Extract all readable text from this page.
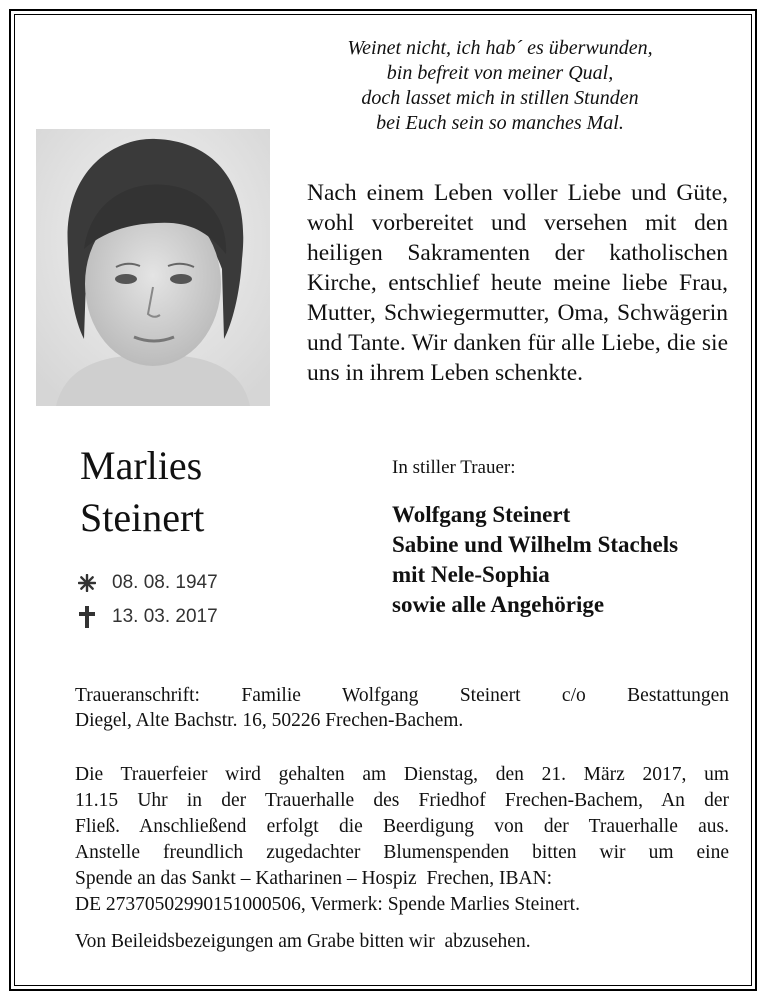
Weinet nicht, ich hab´ es überwunden,
bin befreit von meiner Qual,
doch lasset mich in stillen Stunden
bei Euch sein so manches Mal.

Nach einem Leben voller Liebe und Güte, wohl vorbereitet und versehen mit den heiligen Sakramenten der katholischen Kirche, entschlief heute meine liebe Frau, Mutter, Schwiegermutter, Oma, Schwägerin und Tante. Wir danken für alle Liebe, die sie uns in ihrem Leben schenkte.

Marlies
Steinert
08. 08. 1947
13. 03. 2017

In stiller Trauer:

Wolfgang Steinert
Sabine und Wilhelm Stachels
mit Nele-Sophia
sowie alle Angehörige
Traueranschrift: Familie Wolfgang Steinert c/o Bestattungen
Diegel, Alte Bachstr. 16, 50226 Frechen-Bachem.
Die Trauerfeier wird gehalten am Dienstag, den 21. März 2017, um
11.15 Uhr in der Trauerhalle des Friedhof Frechen-Bachem, An der
Fließ. Anschließend erfolgt die Beerdigung von der Trauerhalle aus.
Anstelle freundlich zugedachter Blumenspenden bitten wir um eine
Spende an das Sankt – Katharinen – Hospiz  Frechen, IBAN:
DE 27370502990151000506, Vermerk: Spende Marlies Steinert.

Von Beileidsbezeigungen am Grabe bitten wir  abzusehen.
